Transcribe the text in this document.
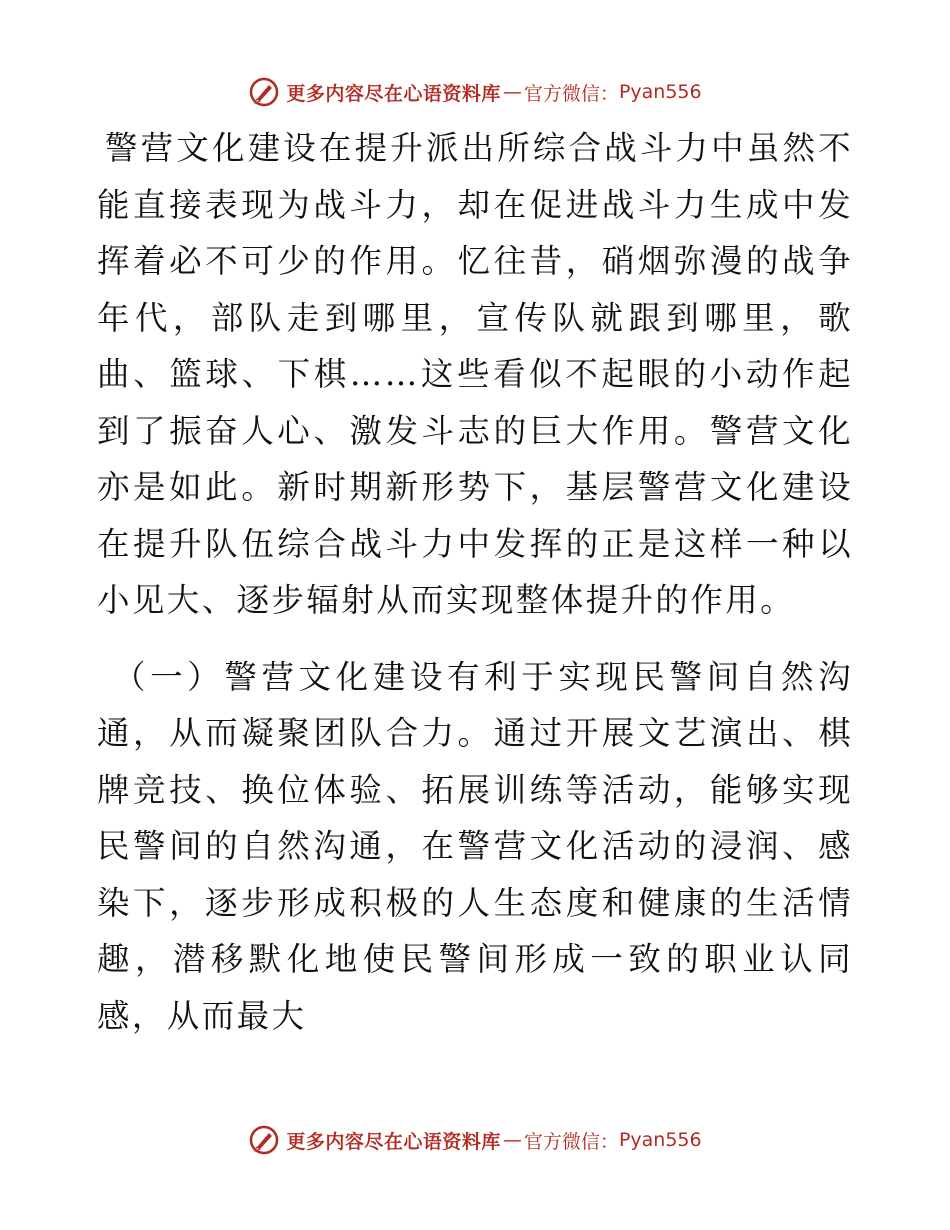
更多内容尽在心语资料库 — 官方微信： Pyan556

警营文化建设在提升派出所综合战斗力中虽然不能直接表现为战斗力，却在促进战斗力生成中发挥着必不可少的作用。忆往昔，硝烟弥漫的战争年代，部队走到哪里，宣传队就跟到哪里，歌曲、篮球、下棋……这些看似不起眼的小动作起到了振奋人心、激发斗志的巨大作用。警营文化亦是如此。新时期新形势下，基层警营文化建设在提升队伍综合战斗力中发挥的正是这样一种以小见大、逐步辐射从而实现整体提升的作用。

（一）警营文化建设有利于实现民警间自然沟通，从而凝聚团队合力。通过开展文艺演出、棋牌竞技、换位体验、拓展训练等活动，能够实现民警间的自然沟通，在警营文化活动的浸润、感染下，逐步形成积极的人生态度和健康的生活情趣，潜移默化地使民警间形成一致的职业认同感，从而最大

更多内容尽在心语资料库 — 官方微信： Pyan556
